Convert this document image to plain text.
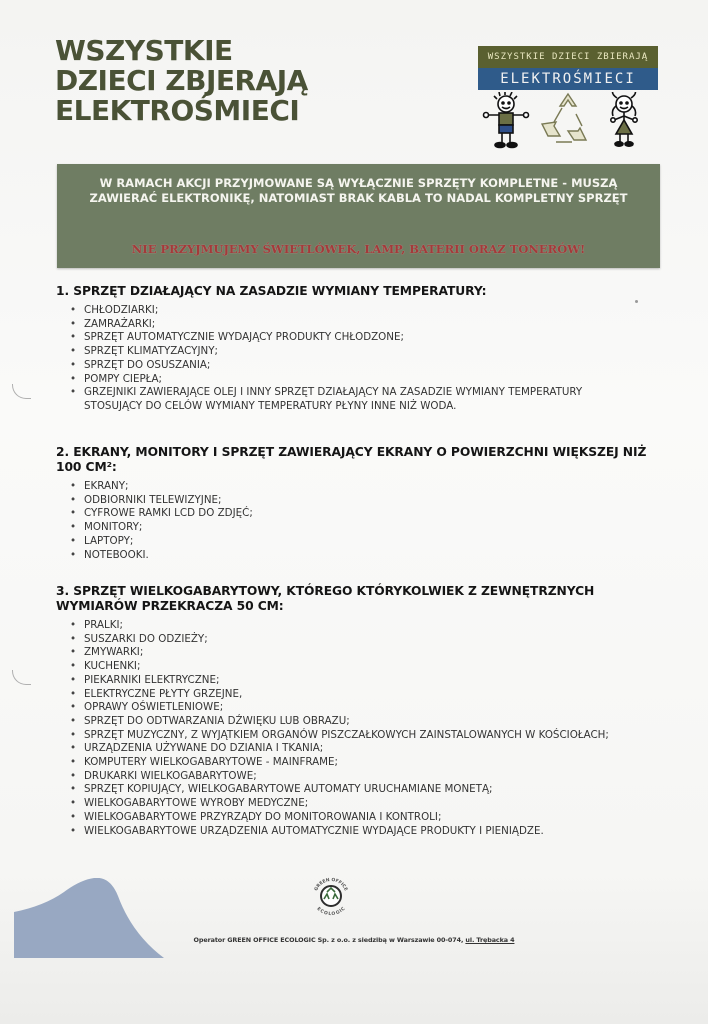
WSZYSTKIE
DZIECI ZBJERAJĄ
ELEKTROŚMIECI
WSZYSTKIE DZIECI ZBIERAJĄ
ELEKTROŚMIECI
W RAMACH AKCJI PRZYJMOWANE SĄ WYŁĄCZNIE SPRZĘTY KOMPLETNE - MUSZĄ ZAWIERAĆ ELEKTRONIKĘ, NATOMIAST BRAK KABLA TO NADAL KOMPLETNY SPRZĘT
NIE PRZYJMUJEMY ŚWIETLÓWEK, LAMP, BATERII ORAZ TONERÓW!
1. SPRZĘT DZIAŁAJĄCY NA ZASADZIE WYMIANY TEMPERATURY:
• CHŁODZIARKI;
• ZAMRAŻARKI;
• SPRZĘT AUTOMATYCZNIE WYDAJĄCY PRODUKTY CHŁODZONE;
• SPRZĘT KLIMATYZACYJNY;
• SPRZĘT DO OSUSZANIA;
• POMPY CIEPŁA;
• GRZEJNIKI ZAWIERAJĄCE OLEJ I INNY SPRZĘT DZIAŁAJĄCY NA ZASADZIE WYMIANY TEMPERATURY STOSUJĄCY DO CELÓW WYMIANY TEMPERATURY PŁYNY INNE NIŻ WODA.
2. EKRANY, MONITORY I SPRZĘT ZAWIERAJĄCY EKRANY O POWIERZCHNI WIĘKSZEJ NIŻ 100 CM²:
• EKRANY;
• ODBIORNIKI TELEWIZYJNE;
• CYFROWE RAMKI LCD DO ZDJĘĆ;
• MONITORY;
• LAPTOPY;
• NOTEBOOKI.
3. SPRZĘT WIELKOGABARYTOWY, KTÓREGO KTÓRYKOLWIEK Z ZEWNĘTRZNYCH WYMIARÓW PRZEKRACZA 50 CM:
• PRALKI;
• SUSZARKI DO ODZIEŻY;
• ZMYWARKI;
• KUCHENKI;
• PIEKARNIKI ELEKTRYCZNE;
• ELEKTRYCZNE PŁYTY GRZEJNE,
• OPRAWY OŚWIETLENIOWE;
• SPRZĘT DO ODTWARZANIA DŹWIĘKU LUB OBRAZU;
• SPRZĘT MUZYCZNY, Z WYJĄTKIEM ORGANÓW PISZCZAŁKOWYCH ZAINSTALOWANYCH W KOŚCIOŁACH;
• URZĄDZENIA UŻYWANE DO DZIANIA I TKANIA;
• KOMPUTERY WIELKOGABARYTOWE - MAINFRAME;
• DRUKARKI WIELKOGABARYTOWE;
• SPRZĘT KOPIUJĄCY, WIELKOGABARYTOWE AUTOMATY URUCHAMIANE MONETĄ;
• WIELKOGABARYTOWE WYROBY MEDYCZNE;
• WIELKOGABARYTOWE PRZYRZĄDY DO MONITOROWANIA I KONTROLI;
• WIELKOGABARYTOWE URZĄDZENIA AUTOMATYCZNIE WYDAJĄCE PRODUKTY I PIENIĄDZE.
GREEN OFFICE
ECOLOGIC
Operator GREEN OFFICE ECOLOGIC Sp. z o.o. z siedzibą w Warszawie 00-074, ul. Trębacka 4
